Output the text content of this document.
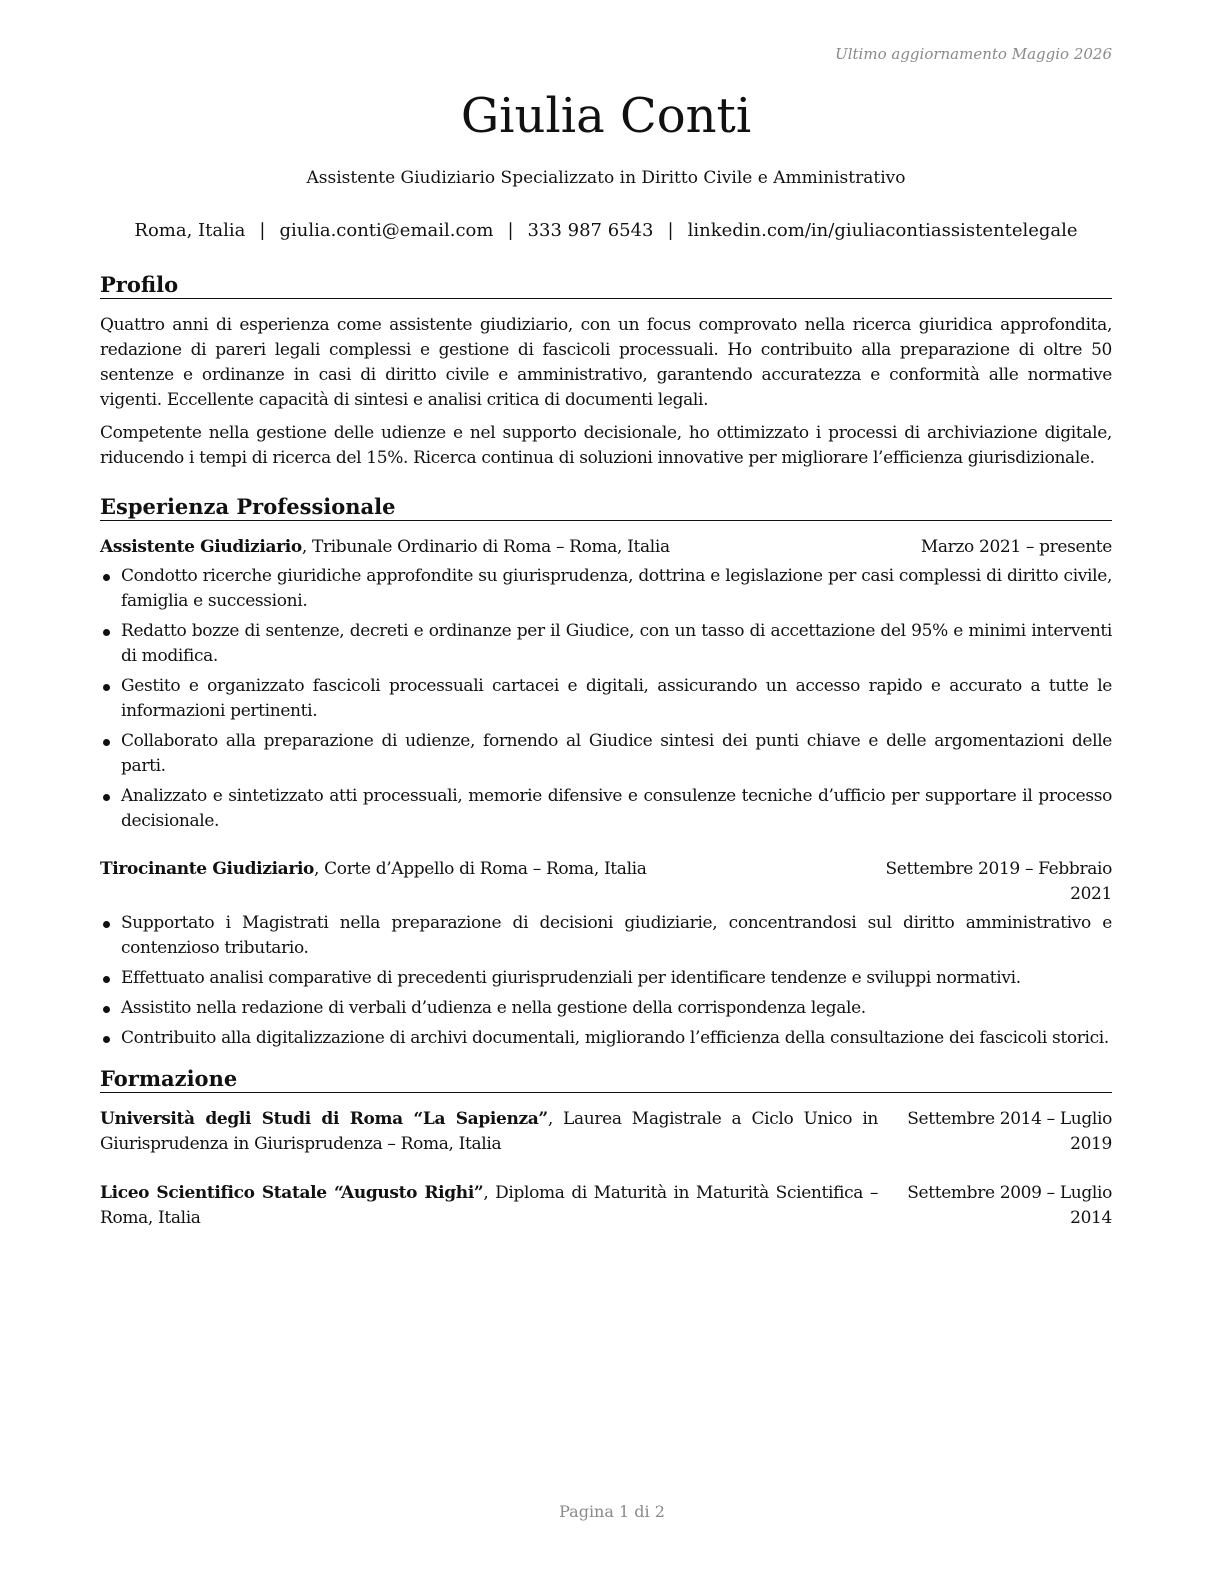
Ultimo aggiornamento Maggio 2026
Giulia Conti
Assistente Giudiziario Specializzato in Diritto Civile e Amministrativo
Roma, Italia | giulia.conti@email.com | 333 987 6543 | linkedin.com/in/giuliacontiassistentelegale
Profilo

Quattro anni di esperienza come assistente giudiziario, con un focus comprovato nella ricerca giuridica approfondita, redazione di pareri legali complessi e gestione di fascicoli processuali. Ho contribuito alla preparazione di oltre 50 sentenze e ordinanze in casi di diritto civile e amministrativo, garantendo accuratezza e conformità alle normative vigenti. Eccellente capacità di sintesi e analisi critica di documenti legali.

Competente nella gestione delle udienze e nel supporto decisionale, ho ottimizzato i processi di archiviazione digitale, riducendo i tempi di ricerca del 15%. Ricerca continua di soluzioni innovative per migliorare l’efficienza giurisdizionale.

Esperienza Professionale
Assistente Giudiziario, Tribunale Ordinario di Roma – Roma, Italia	Marzo 2021 – presente
Condotto ricerche giuridiche approfondite su giurisprudenza, dottrina e legislazione per casi complessi di diritto civile, famiglia e successioni.
Redatto bozze di sentenze, decreti e ordinanze per il Giudice, con un tasso di accettazione del 95% e minimi interventi di modifica.
Gestito e organizzato fascicoli processuali cartacei e digitali, assicurando un accesso rapido e accurato a tutte le informazioni pertinenti.
Collaborato alla preparazione di udienze, fornendo al Giudice sintesi dei punti chiave e delle argomentazioni delle parti.
Analizzato e sintetizzato atti processuali, memorie difensive e consulenze tecniche d’ufficio per supportare il processo decisionale.
Tirocinante Giudiziario, Corte d’Appello di Roma – Roma, Italia	Settembre 2019 – Febbraio 2021
Supportato i Magistrati nella preparazione di decisioni giudiziarie, concentrandosi sul diritto amministrativo e contenzioso tributario.
Effettuato analisi comparative di precedenti giurisprudenziali per identificare tendenze e sviluppi normativi.
Assistito nella redazione di verbali d’udienza e nella gestione della corrispondenza legale.
Contribuito alla digitalizzazione di archivi documentali, migliorando l’efficienza della consultazione dei fascicoli storici.
Formazione
Università degli Studi di Roma “La Sapienza”, Laurea Magistrale a Ciclo Unico in Giurisprudenza in Giurisprudenza – Roma, Italia
Settembre 2014 – Luglio 2019
Liceo Scientifico Statale “Augusto Righi”, Diploma di Maturità in Maturità Scientifica – Roma, Italia
Settembre 2009 – Luglio 2014
Pagina 1 di 2
